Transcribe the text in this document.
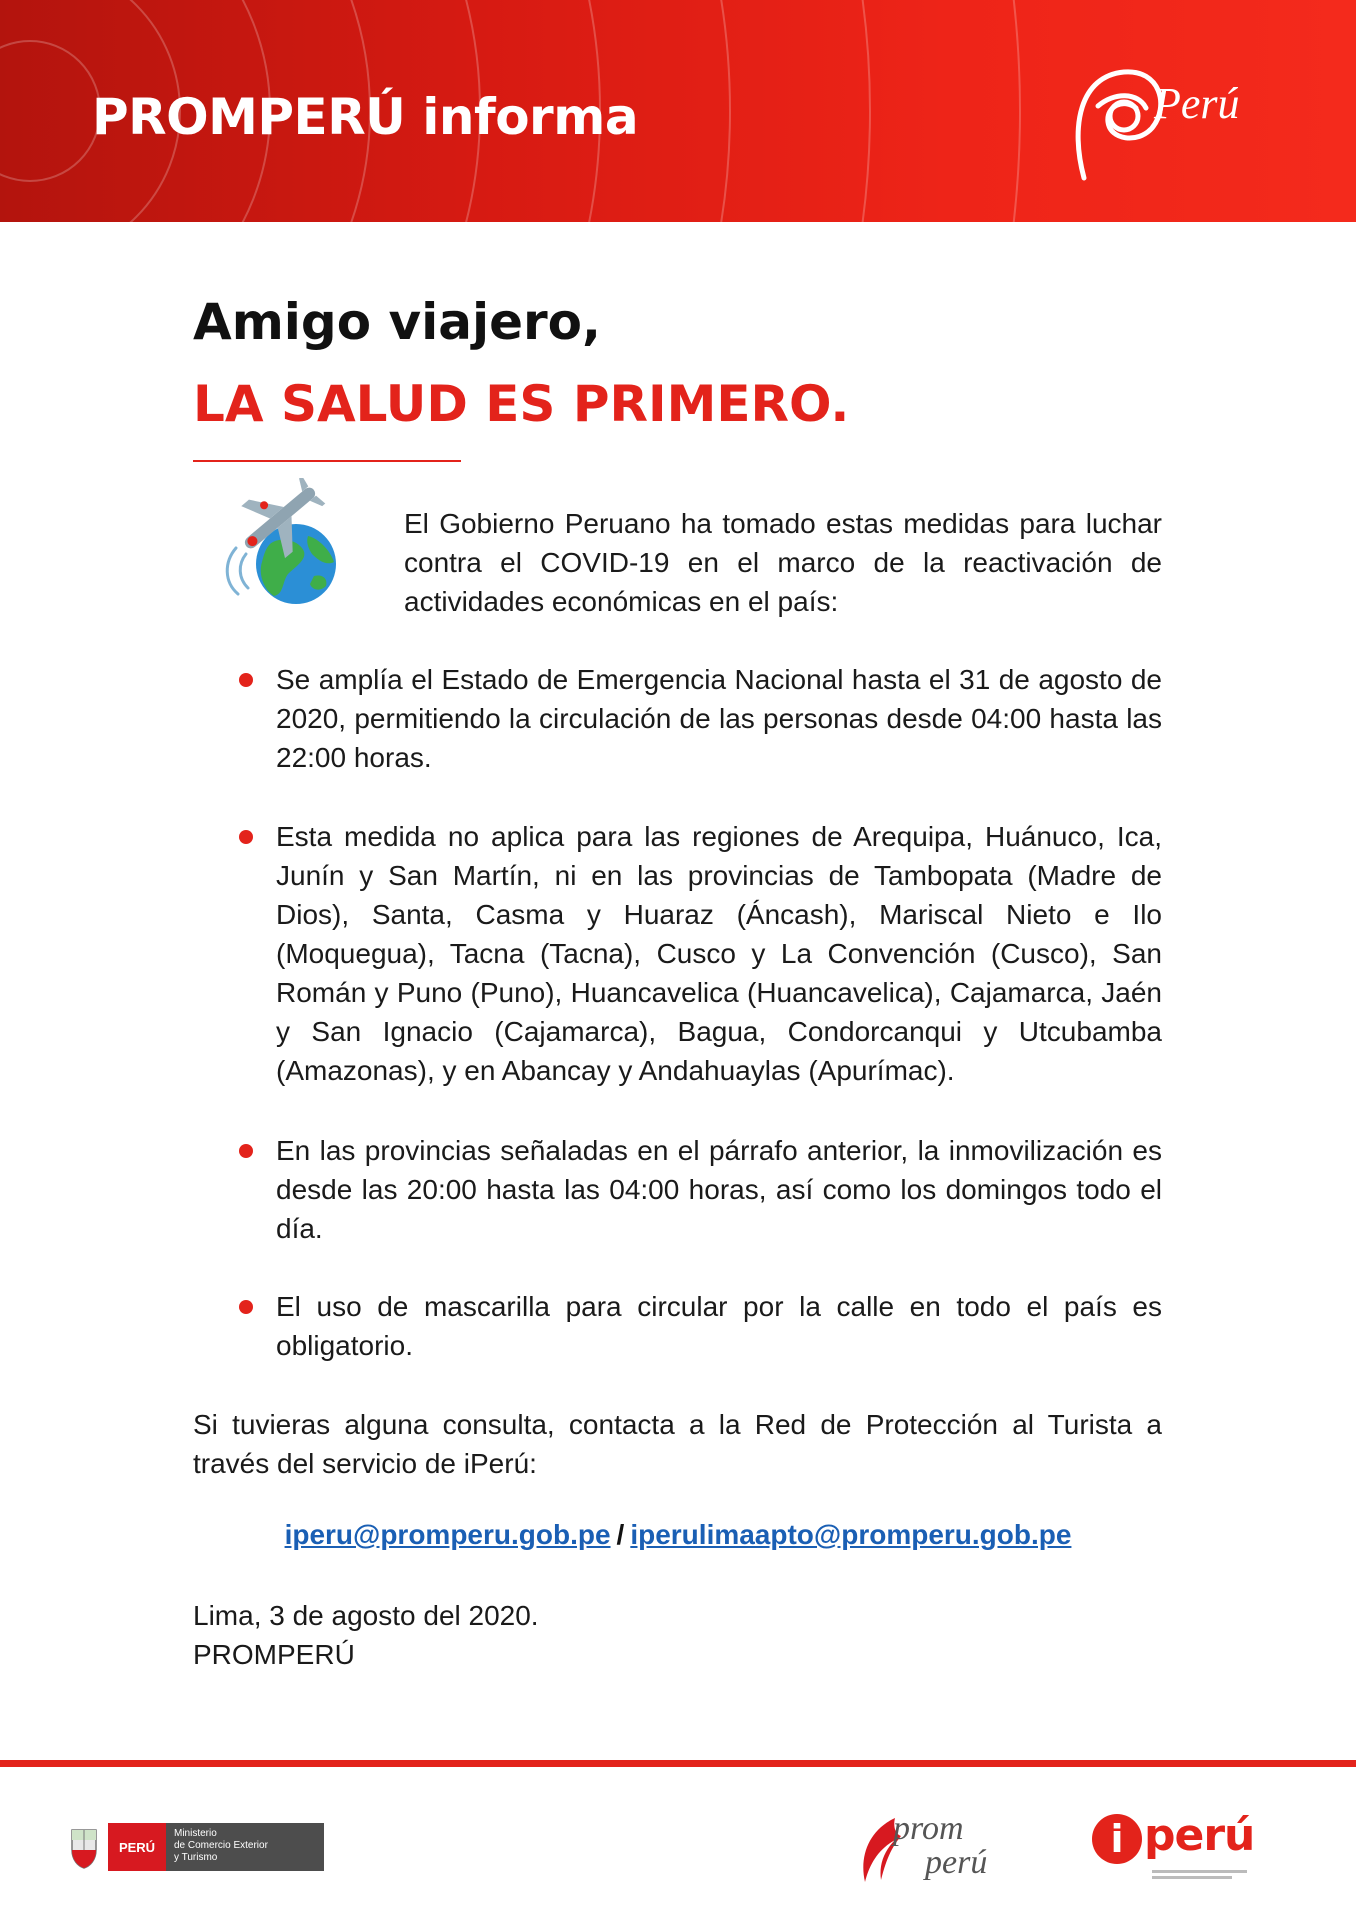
PROMPERÚ informa	Perú
Amigo viajero,
LA SALUD ES PRIMERO.
El Gobierno Peruano ha tomado estas medidas para luchar contra el COVID-19 en el marco de la reactivación de actividades económicas en el país:
Se amplía el Estado de Emergencia Nacional hasta el 31 de agosto de 2020, permitiendo la circulación de las personas desde 04:00 hasta las 22:00 horas.
Esta medida no aplica para las regiones de Arequipa, Huánuco, Ica, Junín y San Martín, ni en las provincias de Tambopata (Madre de Dios), Santa, Casma y Huaraz (Áncash), Mariscal Nieto e Ilo (Moquegua), Tacna (Tacna), Cusco y La Convención (Cusco), San Román y Puno (Puno), Huancavelica (Huancavelica), Cajamarca, Jaén y San Ignacio (Cajamarca), Bagua, Condorcanqui y Utcubamba (Amazonas), y en Abancay y Andahuaylas (Apurímac).
En las provincias señaladas en el párrafo anterior, la inmovilización es desde las 20:00 hasta las 04:00 horas, así como los domingos todo el día.
El uso de mascarilla para circular por la calle en todo el país es obligatorio.
Si tuvieras alguna consulta, contacta a la Red de Protección al Turista a través del servicio de iPerú:
iperu@promperu.gob.pe / iperulimaapto@promperu.gob.pe
Lima, 3 de agosto del 2020.
PROMPERÚ
PERÚ
Ministerio
de Comercio Exterior
y Turismo
prom
perú
i perú
